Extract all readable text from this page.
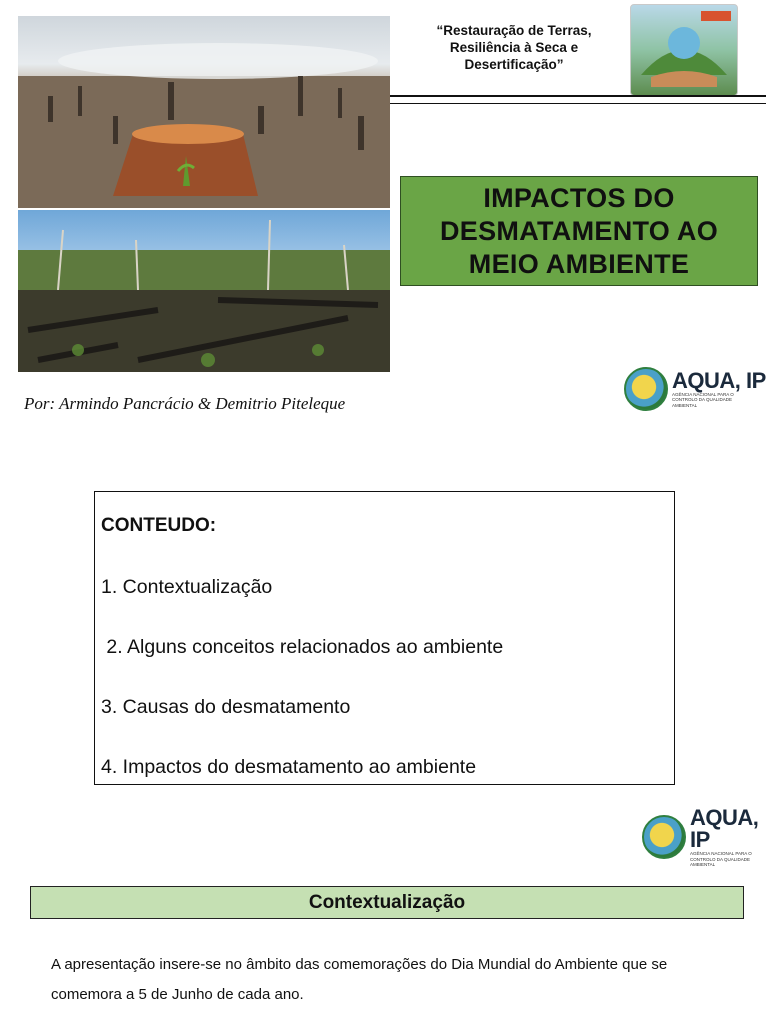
“Restauração de Terras,
Resiliência à Seca e
Desertificação”
IMPACTOS DO
DESMATAMENTO AO
MEIO AMBIENTE
Por: Armindo Pancrácio & Demitrio Piteleque
AQUA, IP
AGÊNCIA NACIONAL PARA O CONTROLO DA QUALIDADE AMBIENTAL
CONTEUDO:
1. Contextualização
2. Alguns conceitos relacionados ao ambiente
3. Causas do desmatamento
4. Impactos do desmatamento ao ambiente
AQUA, IP
AGÊNCIA NACIONAL PARA O CONTROLO DA QUALIDADE AMBIENTAL
Contextualização
A apresentação insere-se no âmbito das comemorações do Dia Mundial do Ambiente que se
comemora a 5 de Junho de cada ano.
